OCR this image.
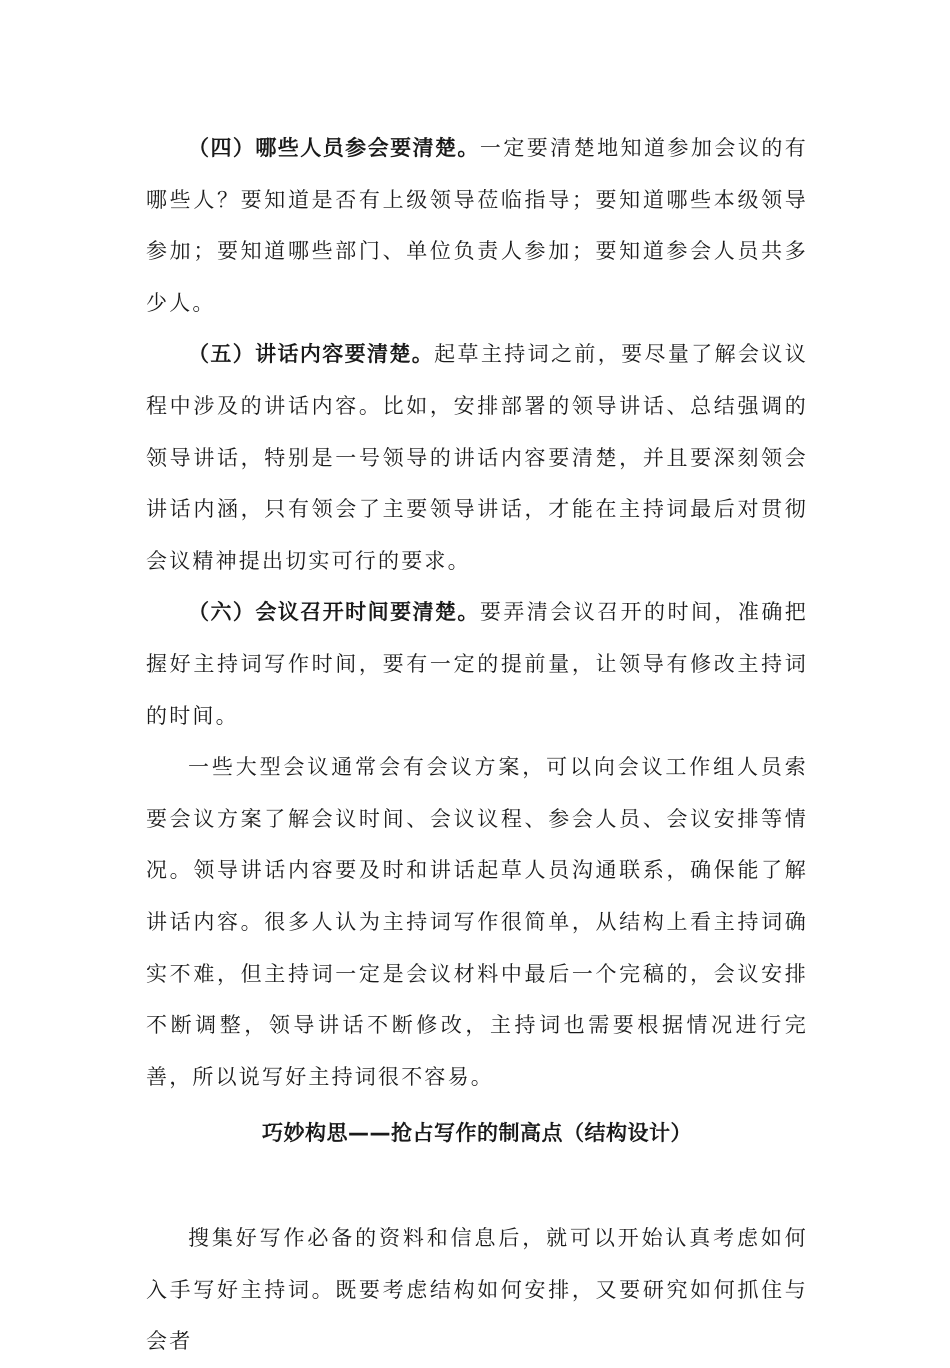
（四）哪些人员参会要清楚。一定要清楚地知道参加会议的有哪些人？要知道是否有上级领导莅临指导；要知道哪些本级领导参加；要知道哪些部门、单位负责人参加；要知道参会人员共多少人。

（五）讲话内容要清楚。起草主持词之前，要尽量了解会议议程中涉及的讲话内容。比如，安排部署的领导讲话、总结强调的领导讲话，特别是一号领导的讲话内容要清楚，并且要深刻领会讲话内涵，只有领会了主要领导讲话，才能在主持词最后对贯彻会议精神提出切实可行的要求。

（六）会议召开时间要清楚。要弄清会议召开的时间，准确把握好主持词写作时间，要有一定的提前量，让领导有修改主持词的时间。

一些大型会议通常会有会议方案，可以向会议工作组人员索要会议方案了解会议时间、会议议程、参会人员、会议安排等情况。领导讲话内容要及时和讲话起草人员沟通联系，确保能了解讲话内容。很多人认为主持词写作很简单，从结构上看主持词确实不难，但主持词一定是会议材料中最后一个完稿的，会议安排不断调整，领导讲话不断修改，主持词也需要根据情况进行完善，所以说写好主持词很不容易。

巧妙构思——抢占写作的制高点（结构设计）

搜集好写作必备的资料和信息后，就可以开始认真考虑如何入手写好主持词。既要考虑结构如何安排，又要研究如何抓住与会者
